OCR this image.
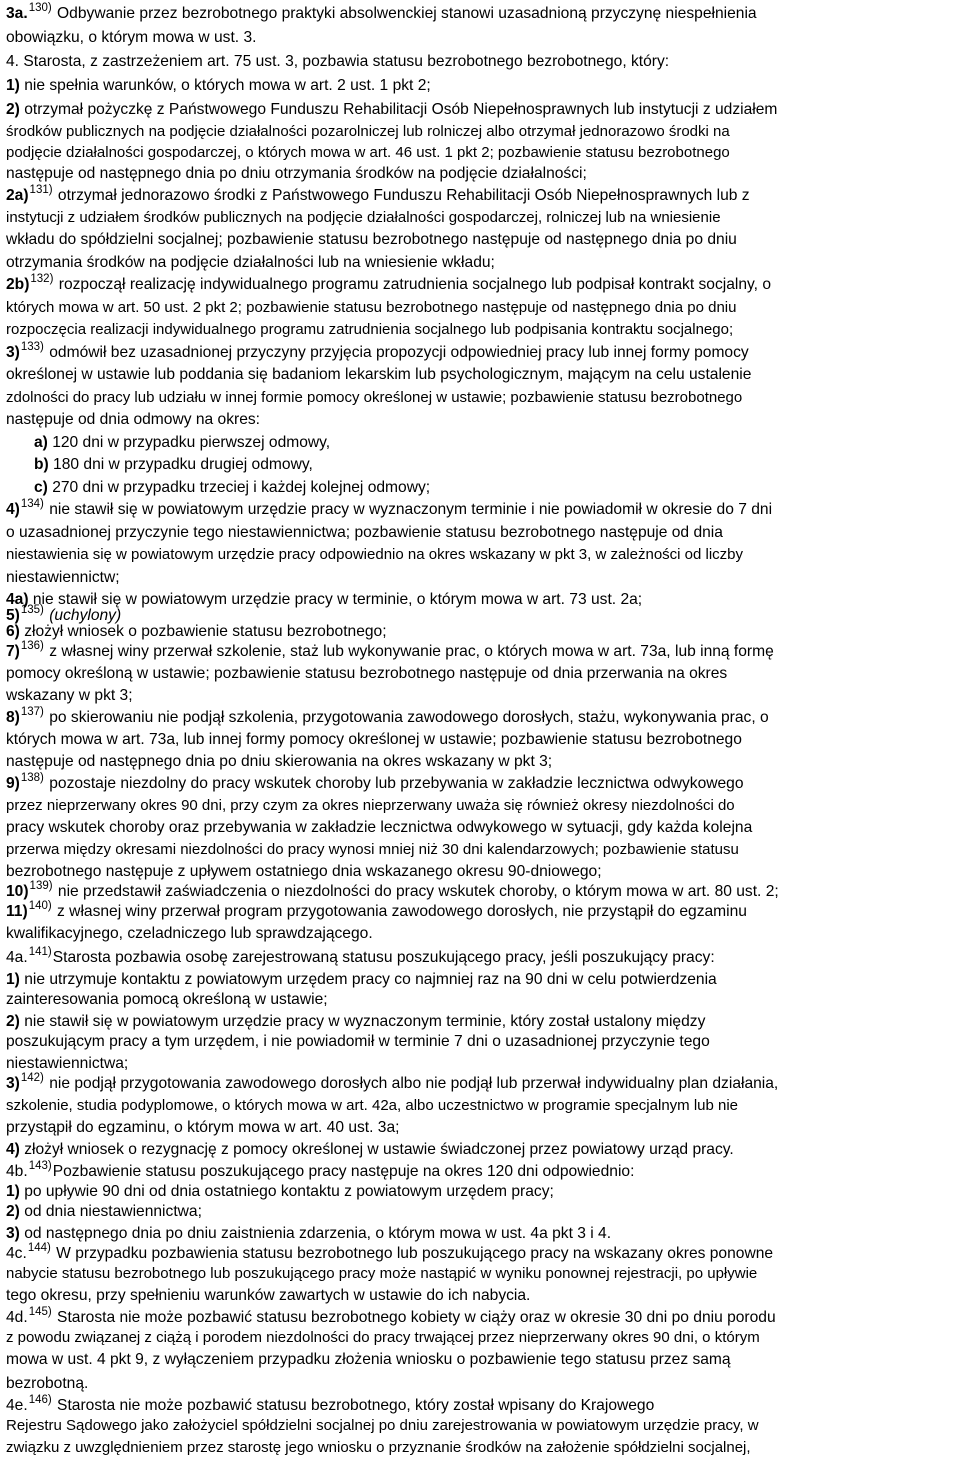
3a.$^{130)}$ Odbywanie przez bezrobotnego praktyki absolwenckiej stanowi uzasadnioną przyczynę niespełnienia
obowiązku, o którym mowa w ust. 3.
4. Starosta, z zastrzeżeniem art. 75 ust. 3, pozbawia statusu bezrobotnego bezrobotnego, który:
1) nie spełnia warunków, o których mowa w art. 2 ust. 1 pkt 2;
2) otrzymał pożyczkę z Państwowego Funduszu Rehabilitacji Osób Niepełnosprawnych lub instytucji z udziałem
środków publicznych na podjęcie działalności pozarolniczej lub rolniczej albo otrzymał jednorazowo środki na
podjęcie działalności gospodarczej, o których mowa w art. 46 ust. 1 pkt 2; pozbawienie statusu bezrobotnego
następuje od następnego dnia po dniu otrzymania środków na podjęcie działalności;
2a)$^{131)}$ otrzymał jednorazowo środki z Państwowego Funduszu Rehabilitacji Osób Niepełnosprawnych lub z
instytucji z udziałem środków publicznych na podjęcie działalności gospodarczej, rolniczej lub na wniesienie
wkładu do spółdzielni socjalnej; pozbawienie statusu bezrobotnego następuje od następnego dnia po dniu
otrzymania środków na podjęcie działalności lub na wniesienie wkładu;
2b)$^{132)}$ rozpoczął realizację indywidualnego programu zatrudnienia socjalnego lub podpisał kontrakt socjalny, o
których mowa w art. 50 ust. 2 pkt 2; pozbawienie statusu bezrobotnego następuje od następnego dnia po dniu
rozpoczęcia realizacji indywidualnego programu zatrudnienia socjalnego lub podpisania kontraktu socjalnego;
3)$^{133)}$ odmówił bez uzasadnionej przyczyny przyjęcia propozycji odpowiedniej pracy lub innej formy pomocy
określonej w ustawie lub poddania się badaniom lekarskim lub psychologicznym, mającym na celu ustalenie
zdolności do pracy lub udziału w innej formie pomocy określonej w ustawie; pozbawienie statusu bezrobotnego
następuje od dnia odmowy na okres:
a) 120 dni w przypadku pierwszej odmowy,
b) 180 dni w przypadku drugiej odmowy,
c) 270 dni w przypadku trzeciej i każdej kolejnej odmowy;
4)$^{134)}$ nie stawił się w powiatowym urzędzie pracy w wyznaczonym terminie i nie powiadomił w okresie do 7 dni
o uzasadnionej przyczynie tego niestawiennictwa; pozbawienie statusu bezrobotnego następuje od dnia
niestawienia się w powiatowym urzędzie pracy odpowiednio na okres wskazany w pkt 3, w zależności od liczby
niestawiennictw;
4a) nie stawił się w powiatowym urzędzie pracy w terminie, o którym mowa w art. 73 ust. 2a;
5)$^{135)}$ (uchylony)
6) złożył wniosek o pozbawienie statusu bezrobotnego;
7)$^{136)}$ z własnej winy przerwał szkolenie, staż lub wykonywanie prac, o których mowa w art. 73a, lub inną formę
pomocy określoną w ustawie; pozbawienie statusu bezrobotnego następuje od dnia przerwania na okres
wskazany w pkt 3;
8)$^{137)}$ po skierowaniu nie podjął szkolenia, przygotowania zawodowego dorosłych, stażu, wykonywania prac, o
których mowa w art. 73a, lub innej formy pomocy określonej w ustawie; pozbawienie statusu bezrobotnego
następuje od następnego dnia po dniu skierowania na okres wskazany w pkt 3;
9)$^{138)}$ pozostaje niezdolny do pracy wskutek choroby lub przebywania w zakładzie lecznictwa odwykowego
przez nieprzerwany okres 90 dni, przy czym za okres nieprzerwany uważa się również okresy niezdolności do
pracy wskutek choroby oraz przebywania w zakładzie lecznictwa odwykowego w sytuacji, gdy każda kolejna
przerwa między okresami niezdolności do pracy wynosi mniej niż 30 dni kalendarzowych; pozbawienie statusu
bezrobotnego następuje z upływem ostatniego dnia wskazanego okresu 90-dniowego;
10)$^{139)}$ nie przedstawił zaświadczenia o niezdolności do pracy wskutek choroby, o którym mowa w art. 80 ust. 2;
11)$^{140)}$ z własnej winy przerwał program przygotowania zawodowego dorosłych, nie przystąpił do egzaminu
kwalifikacyjnego, czeladniczego lub sprawdzającego.
4a.$^{141)}$Starosta pozbawia osobę zarejestrowaną statusu poszukującego pracy, jeśli poszukujący pracy:
1) nie utrzymuje kontaktu z powiatowym urzędem pracy co najmniej raz na 90 dni w celu potwierdzenia
zainteresowania pomocą określoną w ustawie;
2) nie stawił się w powiatowym urzędzie pracy w wyznaczonym terminie, który został ustalony między
poszukującym pracy a tym urzędem, i nie powiadomił w terminie 7 dni o uzasadnionej przyczynie tego
niestawiennictwa;
3)$^{142)}$ nie podjął przygotowania zawodowego dorosłych albo nie podjął lub przerwał indywidualny plan działania,
szkolenie, studia podyplomowe, o których mowa w art. 42a, albo uczestnictwo w programie specjalnym lub nie
przystąpił do egzaminu, o którym mowa w art. 40 ust. 3a;
4) złożył wniosek o rezygnację z pomocy określonej w ustawie świadczonej przez powiatowy urząd pracy.
4b.$^{143)}$Pozbawienie statusu poszukującego pracy następuje na okres 120 dni odpowiednio:
1) po upływie 90 dni od dnia ostatniego kontaktu z powiatowym urzędem pracy;
2) od dnia niestawiennictwa;
3) od następnego dnia po dniu zaistnienia zdarzenia, o którym mowa w ust. 4a pkt 3 i 4.
4c.$^{144)}$ W przypadku pozbawienia statusu bezrobotnego lub poszukującego pracy na wskazany okres ponowne
nabycie statusu bezrobotnego lub poszukującego pracy może nastąpić w wyniku ponownej rejestracji, po upływie
tego okresu, przy spełnieniu warunków zawartych w ustawie do ich nabycia.
4d.$^{145)}$ Starosta nie może pozbawić statusu bezrobotnego kobiety w ciąży oraz w okresie 30 dni po dniu porodu
z powodu związanej z ciążą i porodem niezdolności do pracy trwającej przez nieprzerwany okres 90 dni, o którym
mowa w ust. 4 pkt 9, z wyłączeniem przypadku złożenia wniosku o pozbawienie tego statusu przez samą
bezrobotną.
4e.$^{146)}$ Starosta nie może pozbawić statusu bezrobotnego, który został wpisany do Krajowego
Rejestru Sądowego jako założyciel spółdzielni socjalnej po dniu zarejestrowania w powiatowym urzędzie pracy, w
związku z uwzględnieniem przez starostę jego wniosku o przyznanie środków na założenie spółdzielni socjalnej,
